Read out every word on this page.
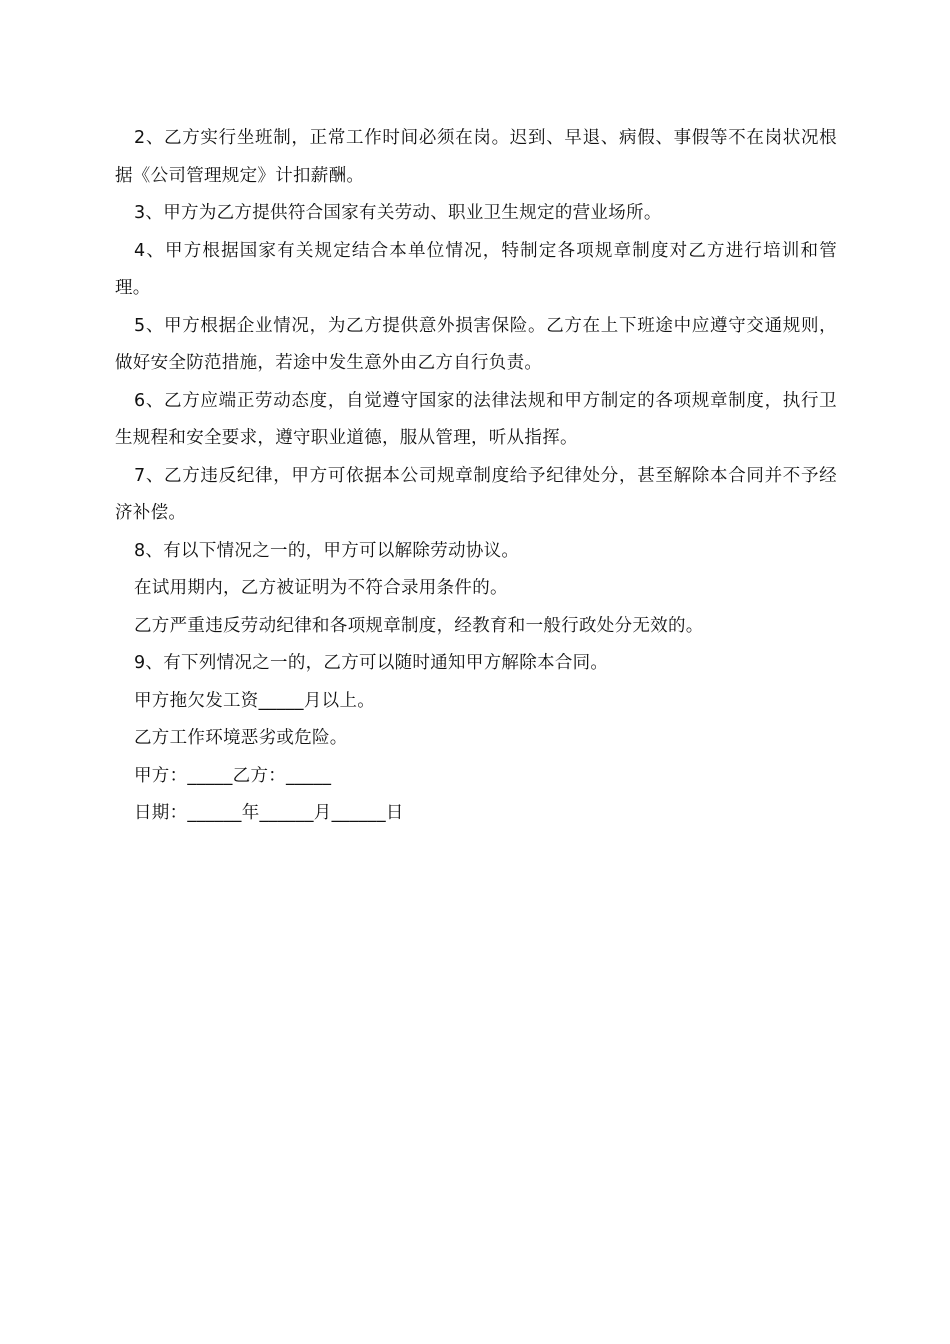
2、乙方实行坐班制，正常工作时间必须在岗。迟到、早退、病假、事假等不在岗状况根据《公司管理规定》计扣薪酬。

3、甲方为乙方提供符合国家有关劳动、职业卫生规定的营业场所。

4、甲方根据国家有关规定结合本单位情况，特制定各项规章制度对乙方进行培训和管理。

5、甲方根据企业情况，为乙方提供意外损害保险。乙方在上下班途中应遵守交通规则，做好安全防范措施，若途中发生意外由乙方自行负责。

6、乙方应端正劳动态度，自觉遵守国家的法律法规和甲方制定的各项规章制度，执行卫生规程和安全要求，遵守职业道德，服从管理，听从指挥。

7、乙方违反纪律，甲方可依据本公司规章制度给予纪律处分，甚至解除本合同并不予经济补偿。

8、有以下情况之一的，甲方可以解除劳动协议。

在试用期内，乙方被证明为不符合录用条件的。

乙方严重违反劳动纪律和各项规章制度，经教育和一般行政处分无效的。

9、有下列情况之一的，乙方可以随时通知甲方解除本合同。

甲方拖欠发工资_____月以上。

乙方工作环境恶劣或危险。

甲方：_____乙方：_____

日期：______年______月______日
